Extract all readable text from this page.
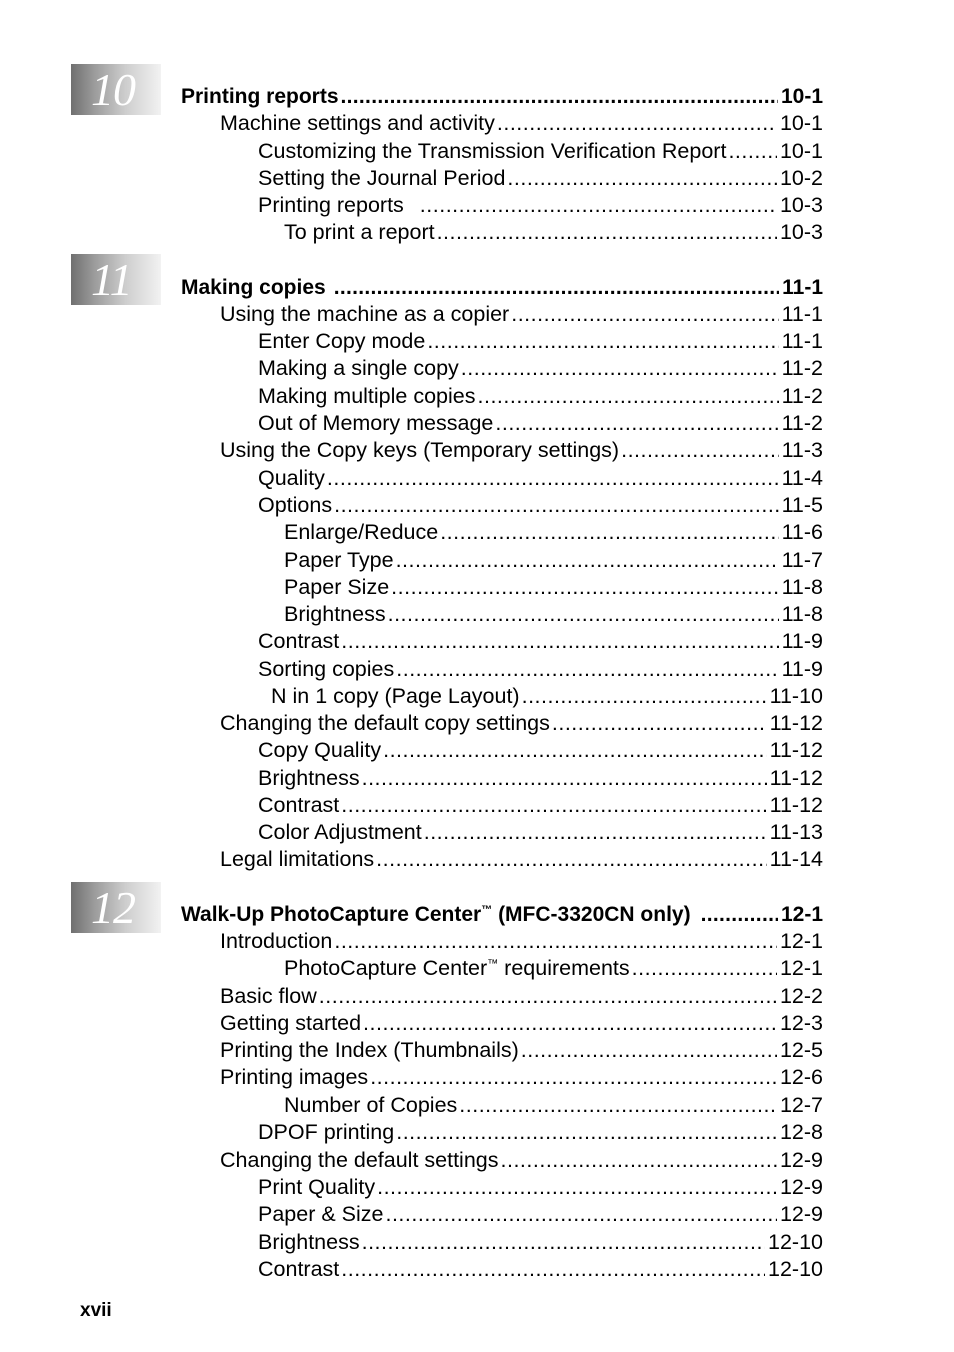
10 Printing reports .....	10-1
Machine settings and activity .....	10-1
Customizing the Transmission Verification Report ..... 10-1
Setting the Journal Period .....	10-2
Printing reports .....	10-3
To print a report .....	10-3
11 Making copies .....	11-1
Using the machine as a copier .....	11-1
Enter Copy mode .....	11-1
Making a single copy .....	11-2
Making multiple copies .....	11-2
Out of Memory message .....	11-2
Using the Copy keys (Temporary settings) .....	11-3
Quality .....	11-4
Options .....	11-5
Enlarge/Reduce .....	11-6
Paper Type .....	11-7
Paper Size .....	11-8
Brightness .....	11-8
Contrast .....	11-9
Sorting copies .....	11-9
N in 1 copy (Page Layout) .....	11-10
Changing the default copy settings .....	11-12
Copy Quality .....	11-12
Brightness .....	11-12
Contrast .....	11-12
Color Adjustment .....	11-13
Legal limitations .....	11-14
12 Walk-Up PhotoCapture Center™ (MFC-3320CN only) .....	12-1
Introduction .....	12-1
PhotoCapture Center™ requirements .....	12-1
Basic flow .....	12-2
Getting started .....	12-3
Printing the Index (Thumbnails) .....	12-5
Printing images .....	12-6
Number of Copies .....	12-7
DPOF printing .....	12-8
Changing the default settings .....	12-9
Print Quality .....	12-9
Paper & Size .....	12-9
Brightness .....	12-10
Contrast .....	12-10
xvii
